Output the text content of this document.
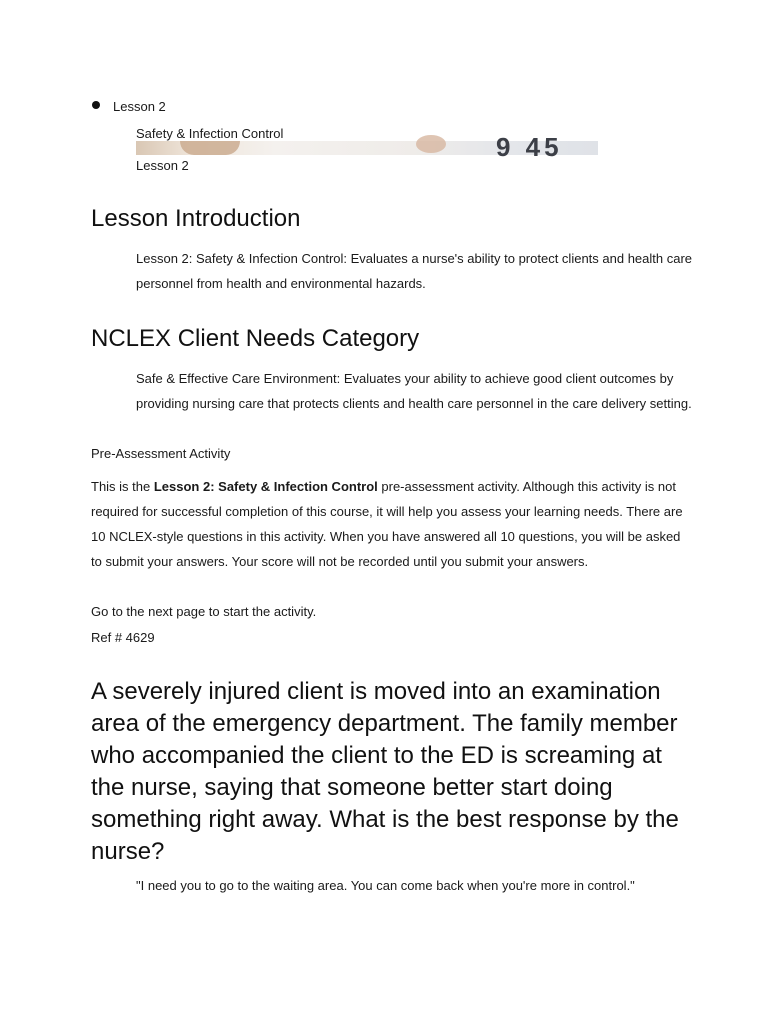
Lesson 2
Safety & Infection Control	9 45
Lesson 2
Lesson Introduction
Lesson 2: Safety & Infection Control: Evaluates a nurse's ability to protect clients and health care personnel from health and environmental hazards.
NCLEX Client Needs Category
Safe & Effective Care Environment: Evaluates your ability to achieve good client outcomes by providing nursing care that protects clients and health care personnel in the care delivery setting.
Pre-Assessment Activity
This is the Lesson 2: Safety & Infection Control pre-assessment activity. Although this activity is not required for successful completion of this course, it will help you assess your learning needs. There are 10 NCLEX-style questions in this activity. When you have answered all 10 questions, you will be asked to submit your answers. Your score will not be recorded until you submit your answers.
Go to the next page to start the activity.
Ref # 4629
A severely injured client is moved into an examination area of the emergency department. The family member who accompanied the client to the ED is screaming at the nurse, saying that someone better start doing something right away. What is the best response by the nurse?
"I need you to go to the waiting area. You can come back when you're more in control."
